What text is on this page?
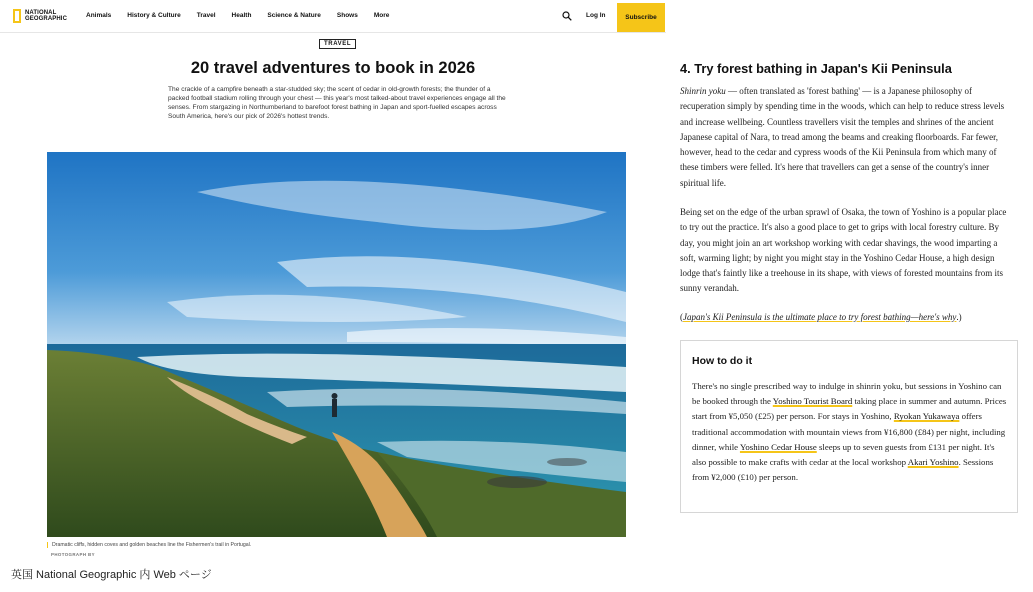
NATIONAL
GEOGRAPHIC	Animals History & Culture Travel Health Science & Nature Shows More	Log In	Subscribe
TRAVEL
20 travel adventures to book in 2026

The crackle of a campfire beneath a star-studded sky; the scent of cedar in old-growth forests; the thunder of a packed football stadium rolling through your chest — this year's most talked-about travel experiences engage all the senses. From stargazing in Northumberland to barefoot forest bathing in Japan and sport-fuelled escapes across South America, here's our pick of 2026's hottest trends.

Dramatic cliffs, hidden coves and golden beaches line the Fishermen's trail in Portugal.

PHOTOGRAPH BY

英国 National Geographic 内 Web ページ

4. Try forest bathing in Japan's Kii Peninsula

Shinrin yoku — often translated as 'forest bathing' — is a Japanese philosophy of recuperation simply by spending time in the woods, which can help to reduce stress levels and increase wellbeing. Countless travellers visit the temples and shrines of the ancient Japanese capital of Nara, to tread among the beams and creaking floorboards. Far fewer, however, head to the cedar and cypress woods of the Kii Peninsula from which many of these timbers were felled. It's here that travellers can get a sense of the country's inner spiritual life.

Being set on the edge of the urban sprawl of Osaka, the town of Yoshino is a popular place to try out the practice. It's also a good place to get to grips with local forestry culture. By day, you might join an art workshop working with cedar shavings, the wood imparting a soft, warming light; by night you might stay in the Yoshino Cedar House, a high design lodge that's faintly like a treehouse in its shape, with views of forested mountains from its sunny verandah.

(Japan's Kii Peninsula is the ultimate place to try forest bathing—here's why.)

How to do it

There's no single prescribed way to indulge in shinrin yoku, but sessions in Yoshino can be booked through the Yoshino Tourist Board taking place in summer and autumn. Prices start from ¥5,050 (£25) per person. For stays in Yoshino, Ryokan Yukawaya offers traditional accommodation with mountain views from ¥16,800 (£84) per night, including dinner, while Yoshino Cedar House sleeps up to seven guests from £131 per night. It's also possible to make crafts with cedar at the local workshop Akari Yoshino. Sessions from ¥2,000 (£10) per person.
